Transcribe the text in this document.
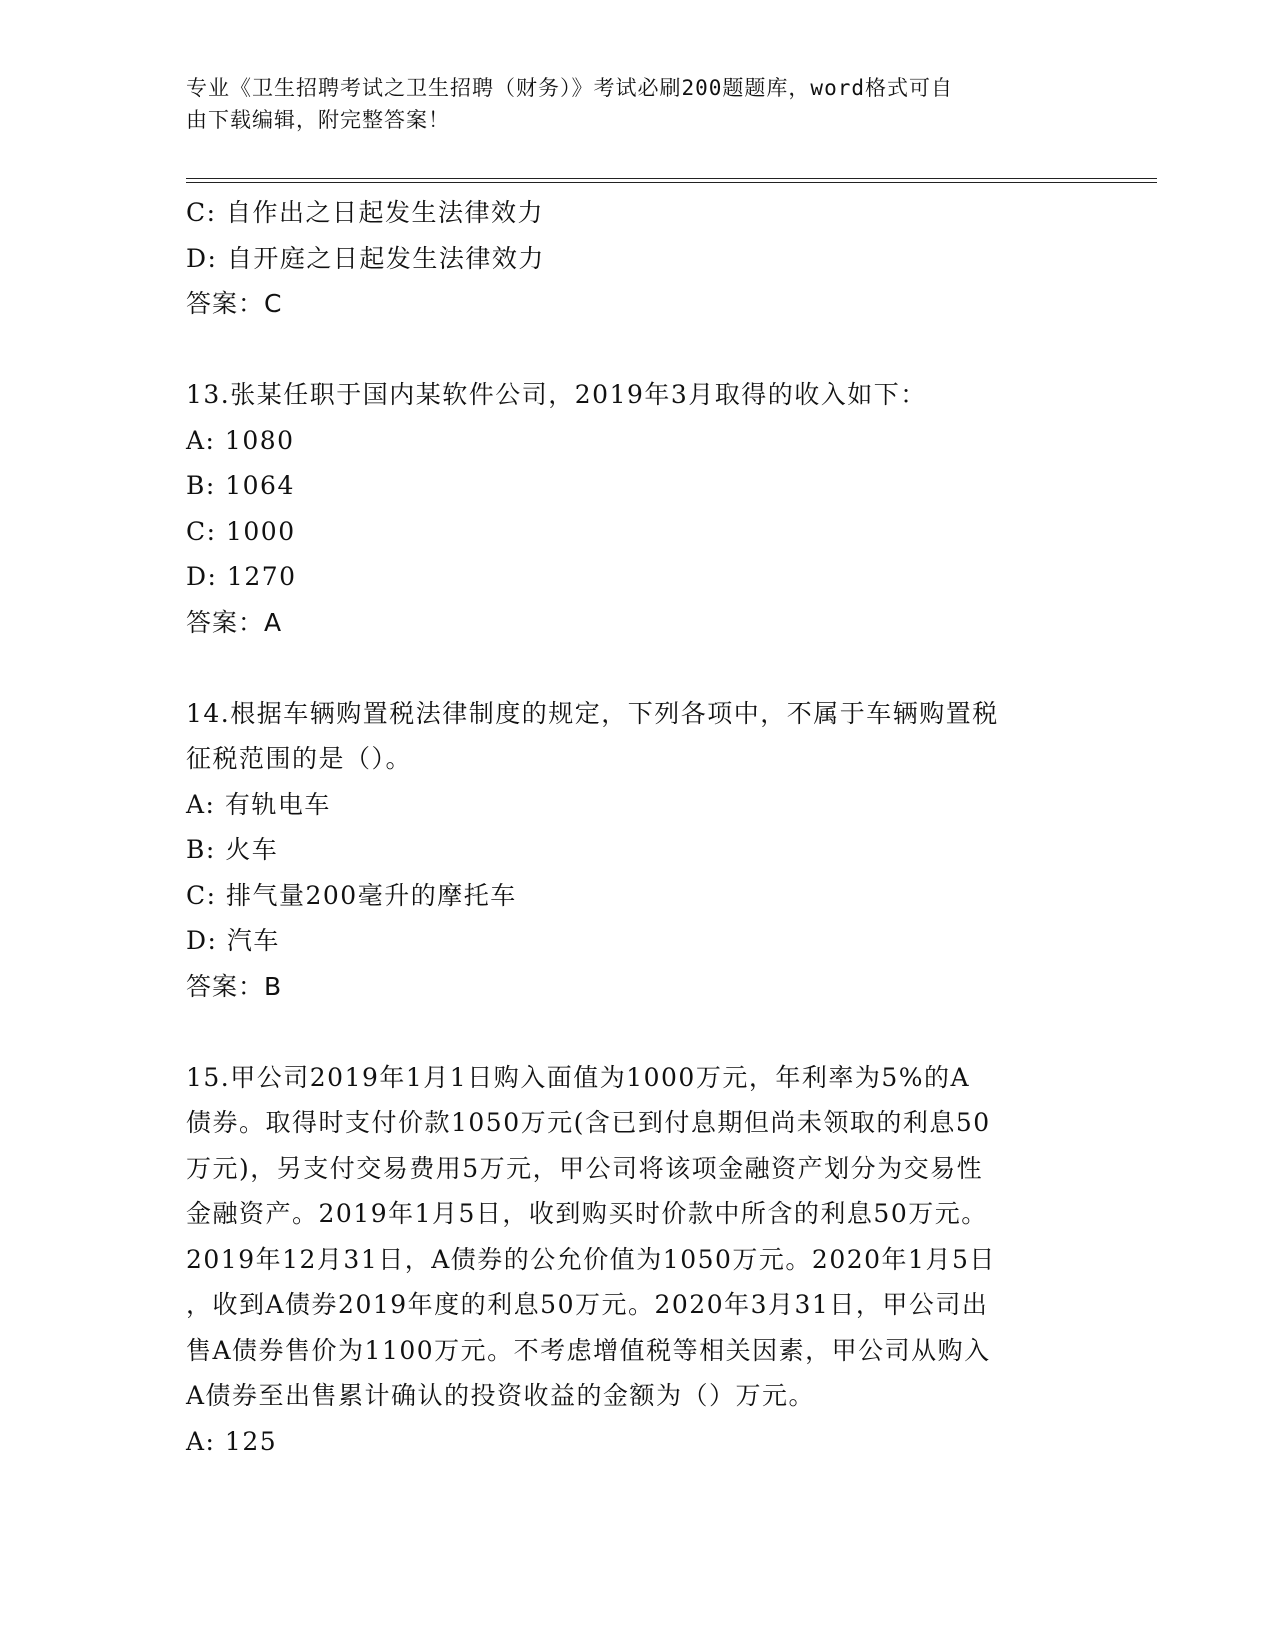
专业《卫生招聘考试之卫生招聘（财务）》考试必刷200题题库，word格式可自
由下载编辑，附完整答案！
C: 自作出之日起发生法律效力
D: 自开庭之日起发生法律效力
答案：C
13.张某任职于国内某软件公司，2019年3月取得的收入如下：
A: 1080
B: 1064
C: 1000
D: 1270
答案：A
14.根据车辆购置税法律制度的规定，下列各项中，不属于车辆购置税
征税范围的是（）。
A: 有轨电车
B: 火车
C: 排气量200毫升的摩托车
D: 汽车
答案：B
15.甲公司2019年1月1日购入面值为1000万元，年利率为5%的A
债券。取得时支付价款1050万元(含已到付息期但尚未领取的利息50
万元)，另支付交易费用5万元，甲公司将该项金融资产划分为交易性
金融资产。2019年1月5日，收到购买时价款中所含的利息50万元。
2019年12月31日，A债券的公允价值为1050万元。2020年1月5日
，收到A债券2019年度的利息50万元。2020年3月31日，甲公司出
售A债券售价为1100万元。不考虑增值税等相关因素，甲公司从购入
A债券至出售累计确认的投资收益的金额为（）万元。
A: 125
